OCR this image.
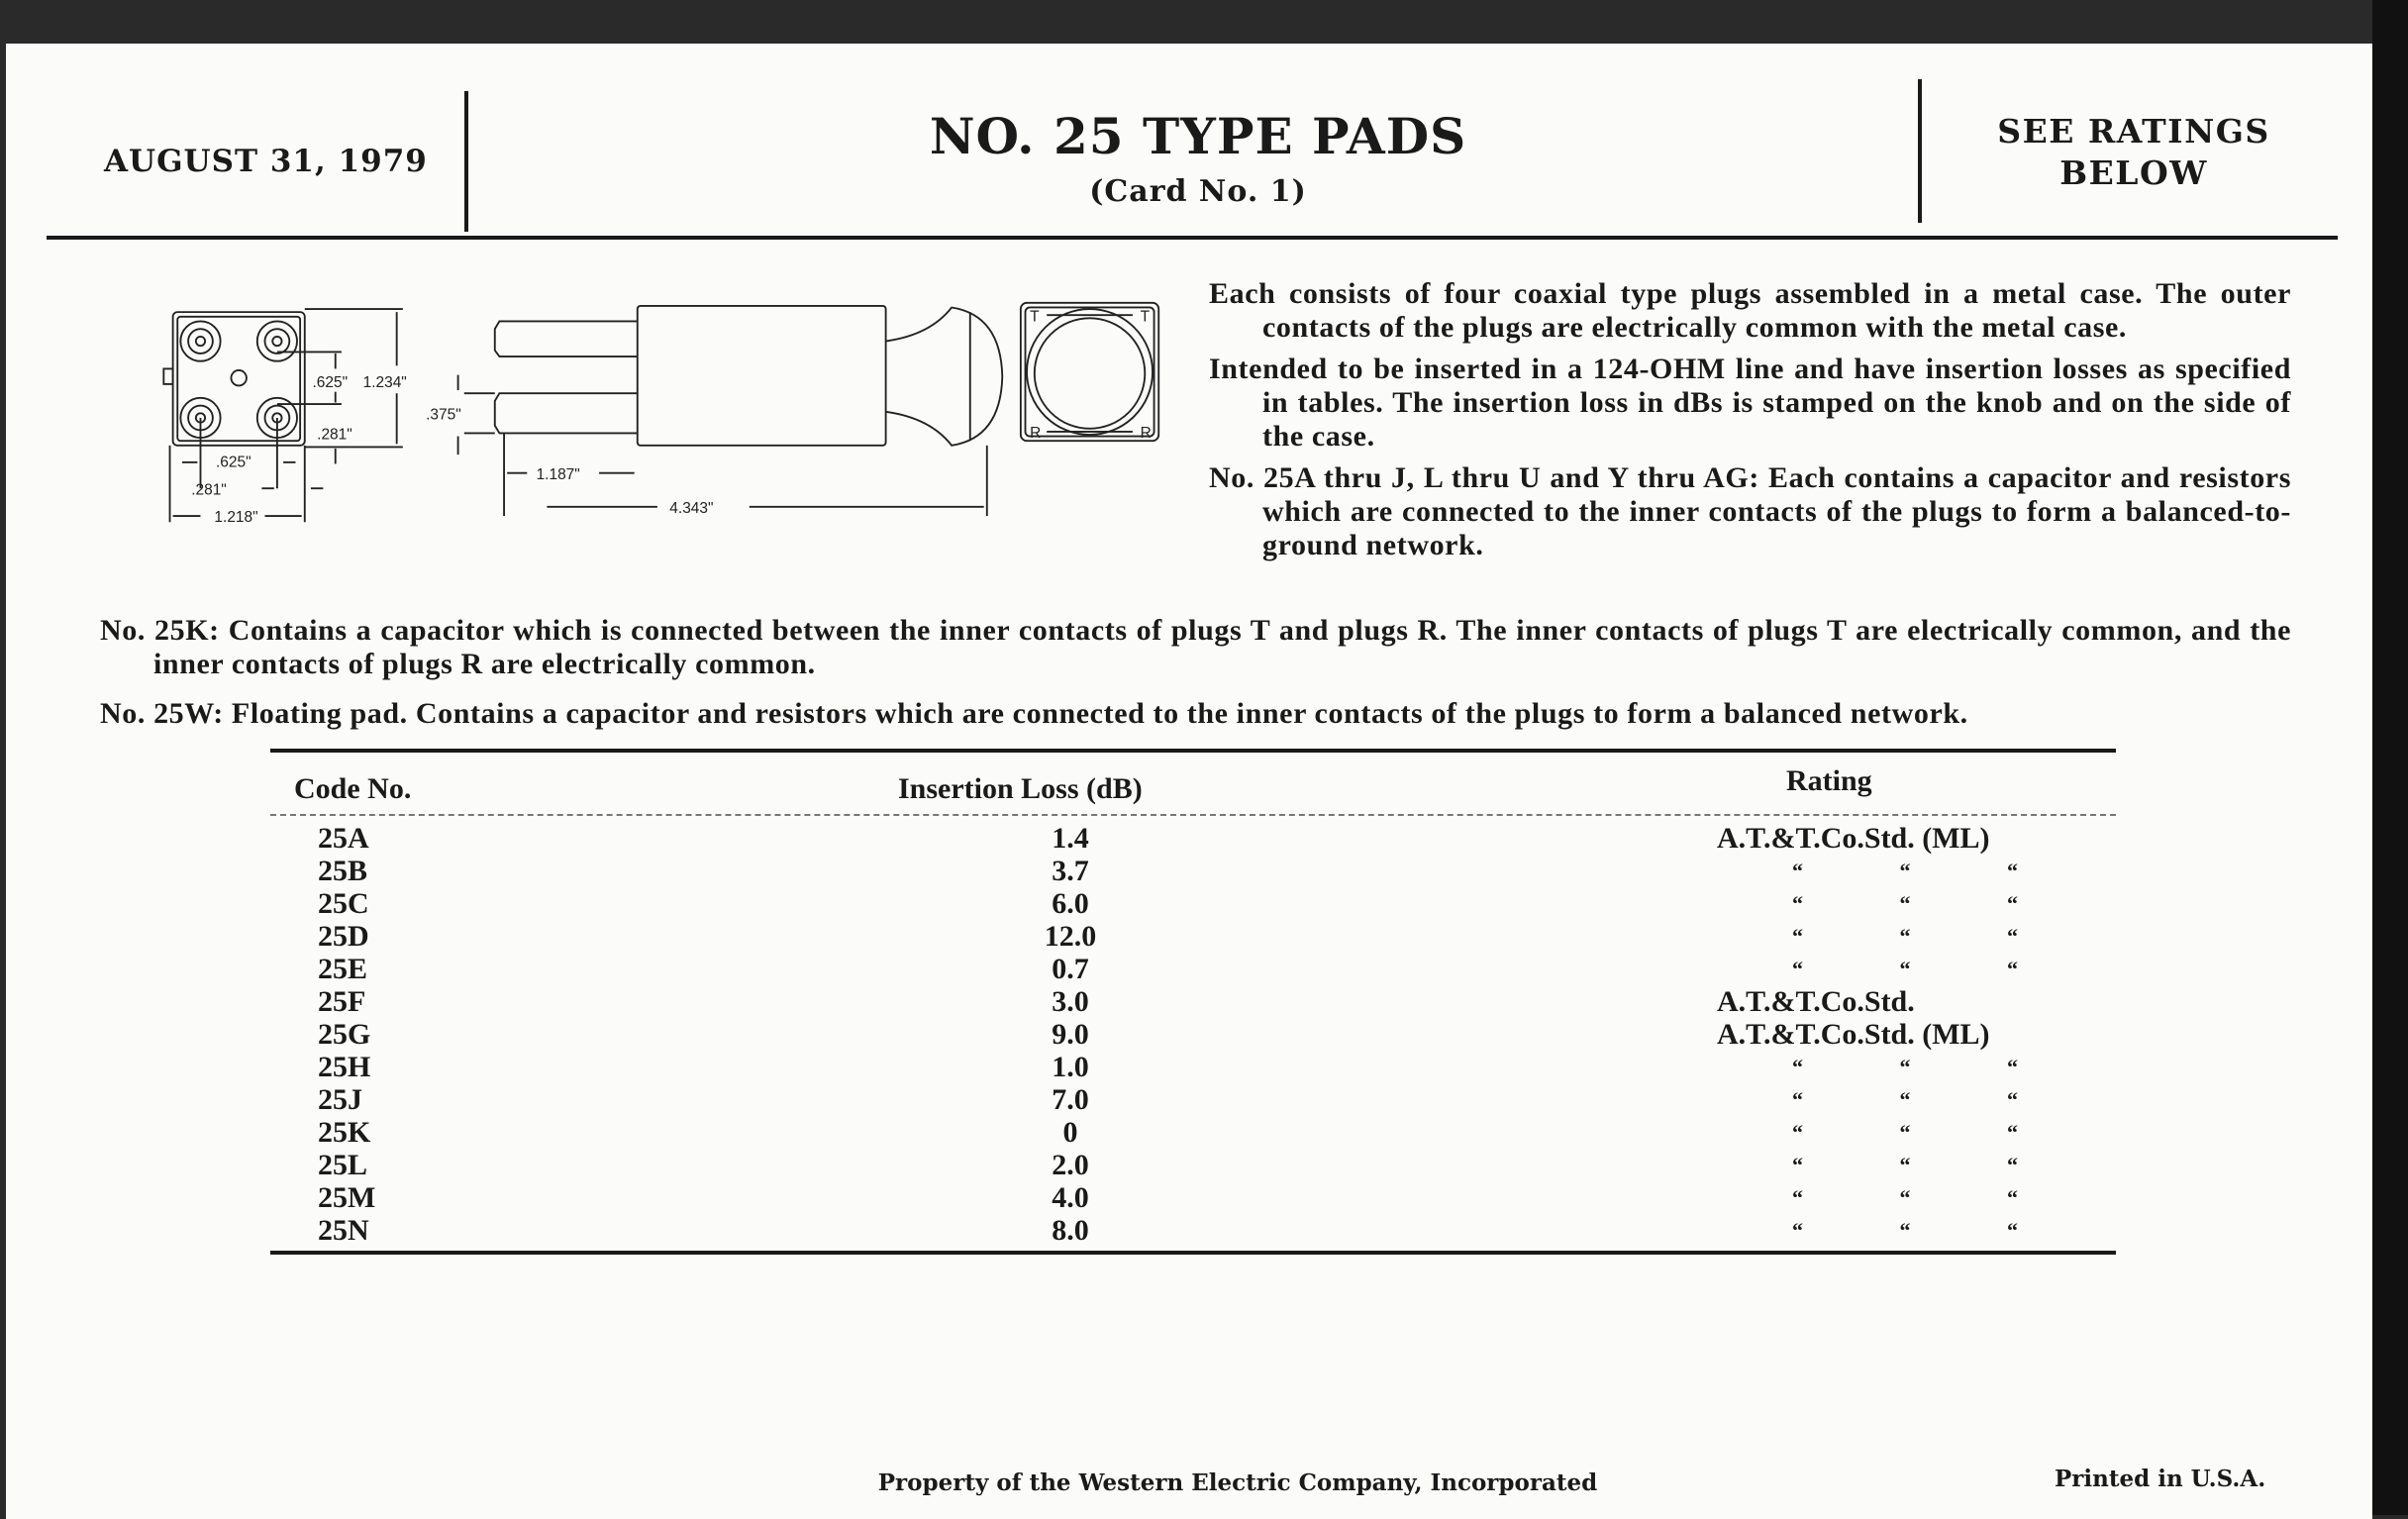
AUGUST 31, 1979	NO. 25 TYPE PADS
(Card No. 1)
SEE RATINGS
BELOW
.625" 1.234"
.281"
.625"
.281"
1.218"
.375"
1.187"
4.343"
T	T
R	R

Each consists of four coaxial type plugs assembled in a metal case. The outer contacts of the plugs are electrically common with the metal case.

Intended to be inserted in a 124-OHM line and have insertion losses as specified in tables. The insertion loss in dBs is stamped on the knob and on the side of the case.

No. 25A thru J, L thru U and Y thru AG: Each contains a capacitor and resistors which are connected to the inner contacts of the plugs to form a balanced-to-ground network.

No. 25K: Contains a capacitor which is connected between the inner contacts of plugs T and plugs R. The inner contacts of plugs T are electrically common, and the inner contacts of plugs R are electrically common.

No. 25W: Floating pad. Contains a capacitor and resistors which are connected to the inner contacts of the plugs to form a balanced network.

Code No.	Insertion Loss (dB)	Rating
25A	1.4	A.T.&T.Co.Std. (ML)
25B	3.7	“ “ “
25C	6.0	“ “ “
25D	12.0	“ “ “
25E	0.7	“ “ “
25F	3.0	A.T.&T.Co.Std.
25G	9.0	A.T.&T.Co.Std. (ML)
25H	1.0	“ “ “
25J	7.0	“ “ “
25K	0	“ “ “
25L	2.0	“ “ “
25M	4.0	“ “ “
25N	8.0	“ “ “
Property of the Western Electric Company, Incorporated	Printed in U.S.A.
